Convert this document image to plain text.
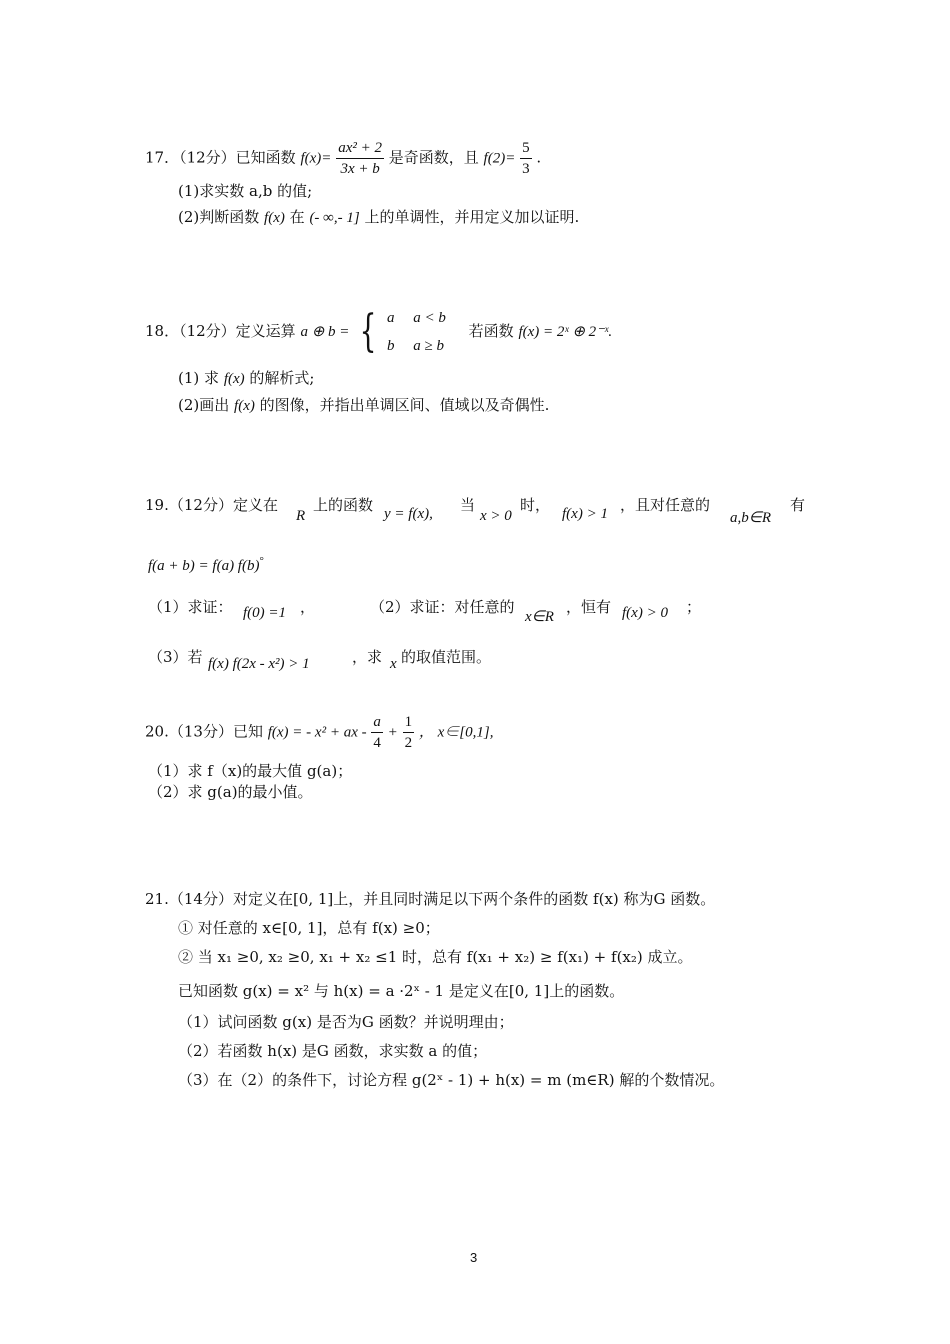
17．（12分）已知函数 $f(x)= \frac{\text{ax² + 2}}{3x + b}$ 是奇函数，且 $f(2)= \frac{5}{3}$ .
(1)求实数 a,b 的值;
(2)判断函数 f(x) 在 (- ∞,- 1] 上的单调性，并用定义加以证明.
18．（12分）定义运算 a ⊕ b = { a     a < b
b     a ≥ b
若函数 f(x) = 2ˣ ⊕ 2⁻ˣ.
(1) 求 f(x) 的解析式;
(2)画出 f(x) 的图像，并指出单调区间、值域以及奇偶性.
19.（12分）定义在
R
上的函数 y = f(x), 当
x > 0
时， f(x) > 1 ，且对任意的
a,b∈R
有
f(a + b) = f(a) f(b)°
（1）求证： f(0) =1 ，	（2）求证：对任意的
x∈R
，恒有 f(x) > 0 ；
（3）若 f(x) f(2x - x²) > 1	，求 x 的取值范围。
20.（13分）已知 f(x) = - x² + ax - $\frac{a}{4} + \frac{1}{2}$ ， x∈[0,1],
（1）求 f（x)的最大值 g(a)；
（2）求 g(a)的最小值。
21.（14分）对定义在[0, 1]上，并且同时满足以下两个条件的函数 f(x) 称为G 函数。
① 对任意的 x∈[0, 1]，总有 f(x) ≥0；
② 当 x₁ ≥0, x₂ ≥0, x₁ + x₂ ≤1 时，总有 f(x₁ + x₂) ≥ f(x₁) + f(x₂) 成立。
已知函数 g(x) = x² 与 h(x) = a ·2ˣ - 1 是定义在[0, 1]上的函数。
（1）试问函数 g(x) 是否为G 函数？并说明理由；
（2）若函数 h(x) 是G 函数，求实数 a 的值；
（3）在（2）的条件下，讨论方程 g(2ˣ - 1) + h(x) = m (m∈R) 解的个数情况。
3
